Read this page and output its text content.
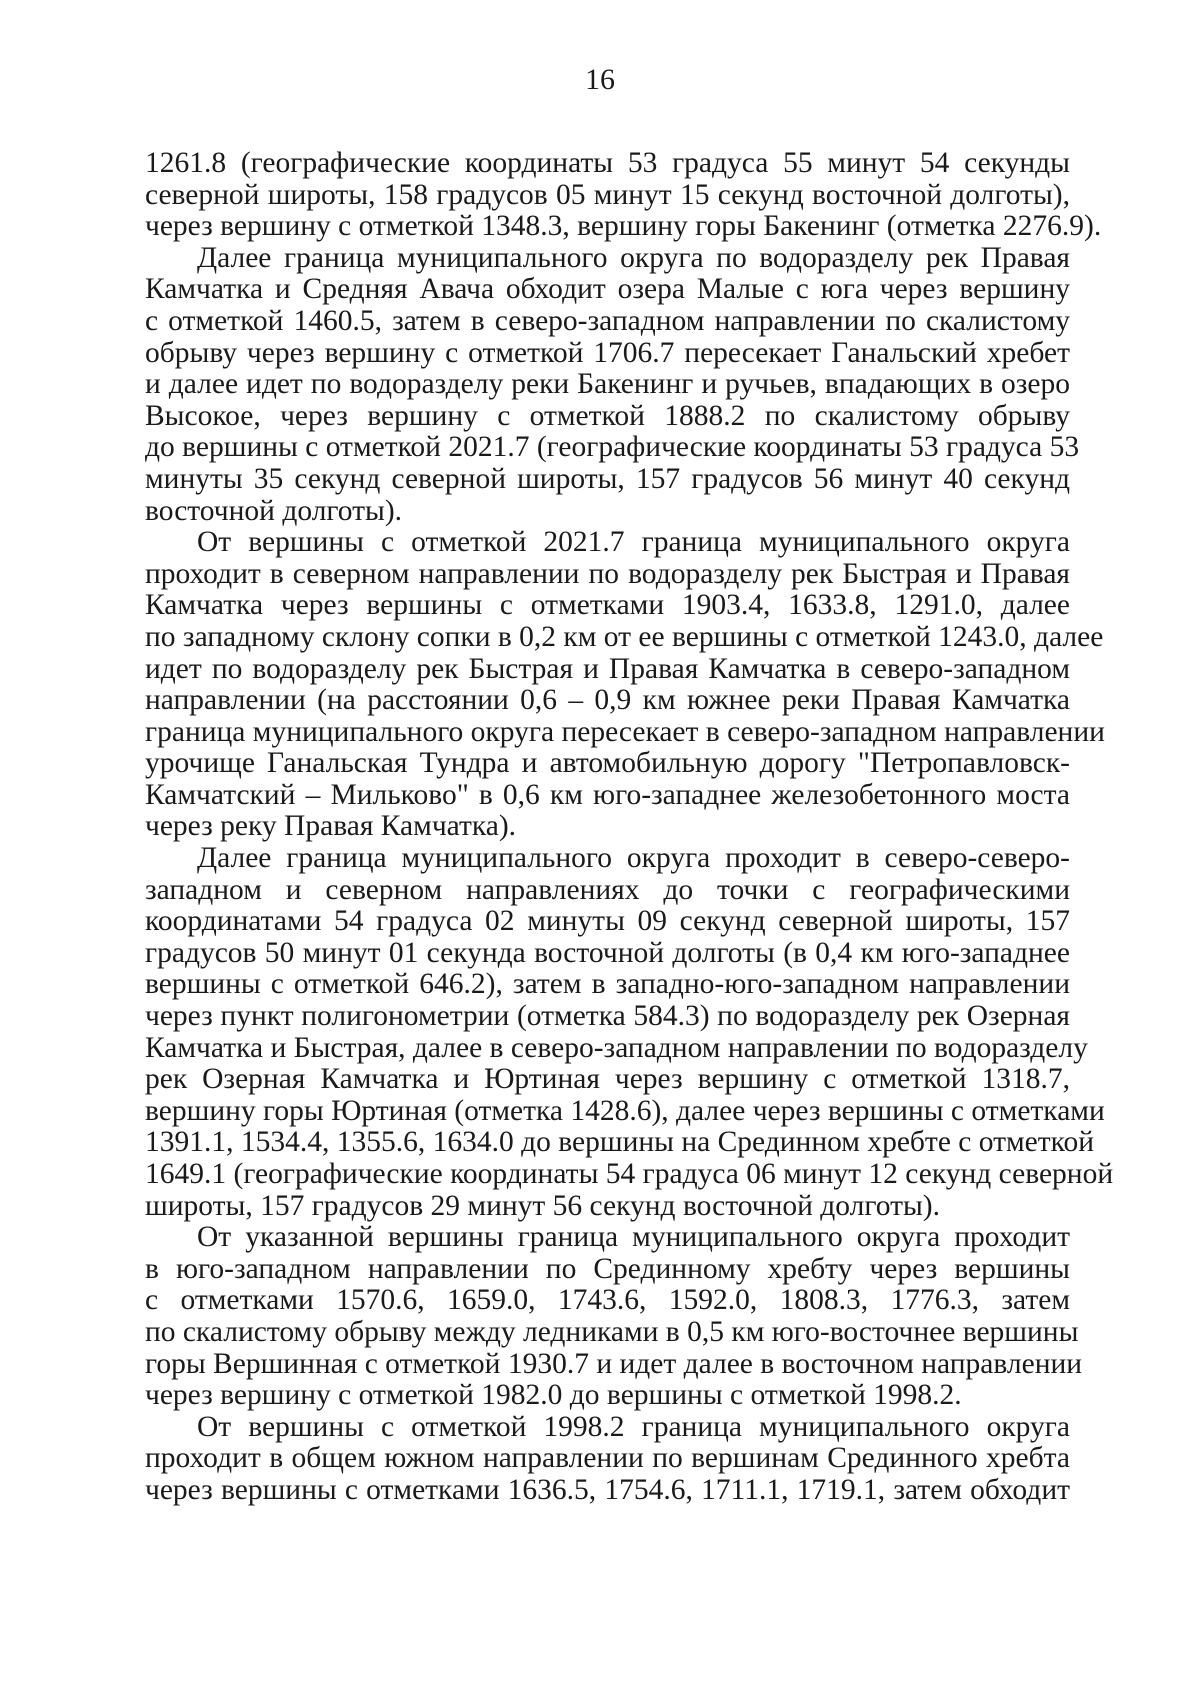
16
1261.8 (географические координаты 53 градуса 55 минут 54 секунды
северной широты, 158 градусов 05 минут 15 секунд восточной долготы),
через вершину с отметкой 1348.3, вершину горы Бакенинг (отметка 2276.9).
Далее граница муниципального округа по водоразделу рек Правая
Камчатка и Средняя Авача обходит озера Малые с юга через вершину
с отметкой 1460.5, затем в северо-западном направлении по скалистому
обрыву через вершину с отметкой 1706.7 пересекает Ганальский хребет
и далее идет по водоразделу реки Бакенинг и ручьев, впадающих в озеро
Высокое, через вершину с отметкой 1888.2 по скалистому обрыву
до вершины с отметкой 2021.7 (географические координаты 53 градуса 53
минуты 35 секунд северной широты, 157 градусов 56 минут 40 секунд
восточной долготы).
От вершины с отметкой 2021.7 граница муниципального округа
проходит в северном направлении по водоразделу рек Быстрая и Правая
Камчатка через вершины с отметками 1903.4, 1633.8, 1291.0, далее
по западному склону сопки в 0,2 км от ее вершины с отметкой 1243.0, далее
идет по водоразделу рек Быстрая и Правая Камчатка в северо-западном
направлении (на расстоянии 0,6 – 0,9 км южнее реки Правая Камчатка
граница муниципального округа пересекает в северо-западном направлении
урочище Ганальская Тундра и автомобильную дорогу "Петропавловск-
Камчатский – Мильково" в 0,6 км юго-западнее железобетонного моста
через реку Правая Камчатка).
Далее граница муниципального округа проходит в северо-северо-
западном и северном направлениях до точки с географическими
координатами 54 градуса 02 минуты 09 секунд северной широты, 157
градусов 50 минут 01 секунда восточной долготы (в 0,4 км юго-западнее
вершины с отметкой 646.2), затем в западно-юго-западном направлении
через пункт полигонометрии (отметка 584.3) по водоразделу рек Озерная
Камчатка и Быстрая, далее в северо-западном направлении по водоразделу
рек Озерная Камчатка и Юртиная через вершину с отметкой 1318.7,
вершину горы Юртиная (отметка 1428.6), далее через вершины с отметками
1391.1, 1534.4, 1355.6, 1634.0 до вершины на Срединном хребте с отметкой
1649.1 (географические координаты 54 градуса 06 минут 12 секунд северной
широты, 157 градусов 29 минут 56 секунд восточной долготы).
От указанной вершины граница муниципального округа проходит
в юго-западном направлении по Срединному хребту через вершины
с отметками 1570.6, 1659.0, 1743.6, 1592.0, 1808.3, 1776.3, затем
по скалистому обрыву между ледниками в 0,5 км юго-восточнее вершины
горы Вершинная с отметкой 1930.7 и идет далее в восточном направлении
через вершину с отметкой 1982.0 до вершины с отметкой 1998.2.
От вершины с отметкой 1998.2 граница муниципального округа
проходит в общем южном направлении по вершинам Срединного хребта
через вершины с отметками 1636.5, 1754.6, 1711.1, 1719.1, затем обходит
